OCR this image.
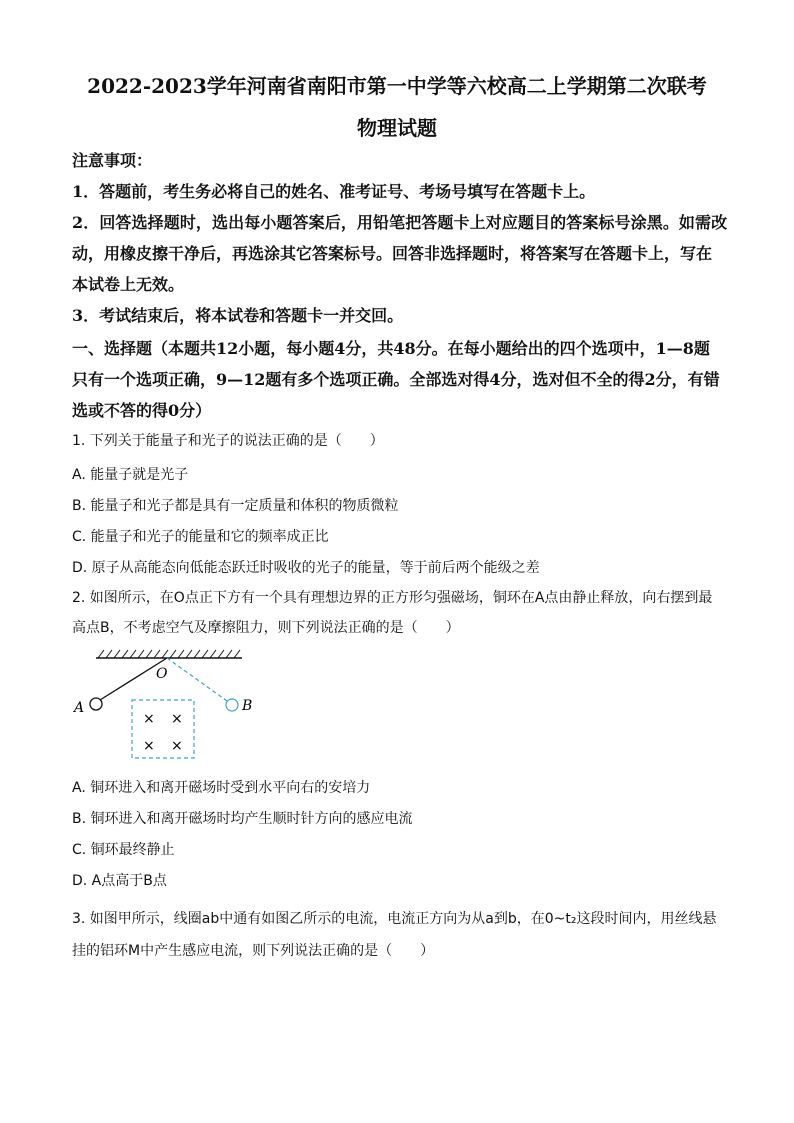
2022-2023学年河南省南阳市第一中学等六校高二上学期第二次联考
物理试题
注意事项：
1．答题前，考生务必将自己的姓名、准考证号、考场号填写在答题卡上。
2．回答选择题时，选出每小题答案后，用铅笔把答题卡上对应题目的答案标号涂黑。如需改
动，用橡皮擦干净后，再选涂其它答案标号。回答非选择题时，将答案写在答题卡上，写在
本试卷上无效。
3．考试结束后，将本试卷和答题卡一并交回。
一、选择题（本题共12小题，每小题4分，共48分。在每小题给出的四个选项中，1—8题
只有一个选项正确，9—12题有多个选项正确。全部选对得4分，选对但不全的得2分，有错
选或不答的得0分）
1. 下列关于能量子和光子的说法正确的是（　　）
A. 能量子就是光子
B. 能量子和光子都是具有一定质量和体积的物质微粒
C. 能量子和光子的能量和它的频率成正比
D. 原子从高能态向低能态跃迁时吸收的光子的能量，等于前后两个能级之差
2. 如图所示，在O点正下方有一个具有理想边界的正方形匀强磁场，铜环在A点由静止释放，向右摆到最
高点B，不考虑空气及摩擦阻力，则下列说法正确的是（　　）
O
A	B
× ×
× ×
A. 铜环进入和离开磁场时受到水平向右的安培力
B. 铜环进入和离开磁场时均产生顺时针方向的感应电流
C. 铜环最终静止
D. A点高于B点
3. 如图甲所示，线圈ab中通有如图乙所示的电流，电流正方向为从a到b，在0~t₂这段时间内，用丝线悬
挂的铝环M中产生感应电流，则下列说法正确的是（　　）
